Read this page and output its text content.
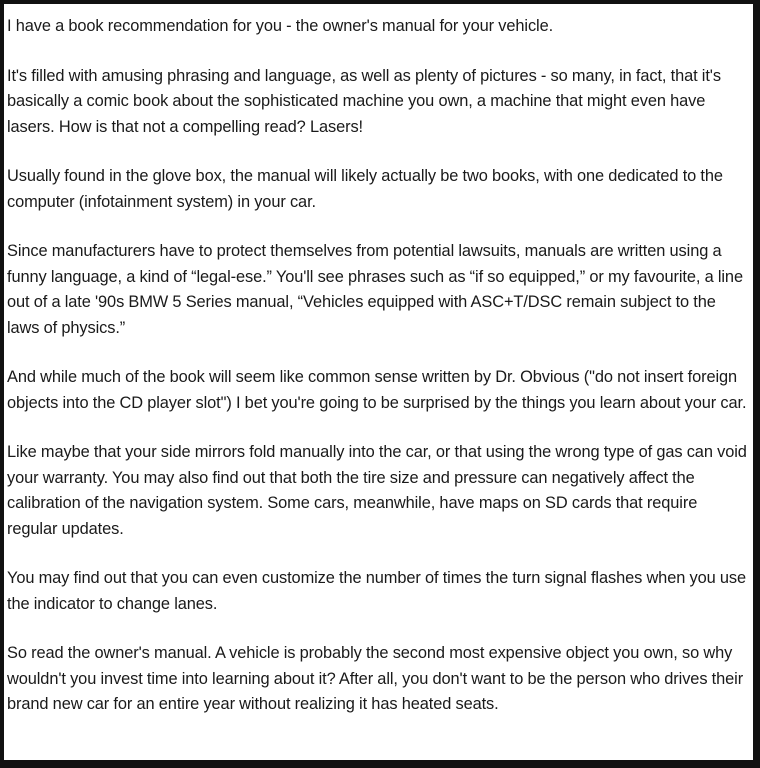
I have a book recommendation for you - the owner's manual for your vehicle.

It's filled with amusing phrasing and language, as well as plenty of pictures - so many, in fact, that it's basically a comic book about the sophisticated machine you own, a machine that might even have lasers. How is that not a compelling read? Lasers!

Usually found in the glove box, the manual will likely actually be two books, with one dedicated to the computer (infotainment system) in your car.

Since manufacturers have to protect themselves from potential lawsuits, manuals are written using a funny language, a kind of “legal-ese.” You'll see phrases such as “if so equipped,” or my favourite, a line out of a late '90s BMW 5 Series manual, “Vehicles equipped with ASC+T/DSC remain subject to the laws of physics.”

And while much of the book will seem like common sense written by Dr. Obvious ("do not insert foreign objects into the CD player slot") I bet you're going to be surprised by the things you learn about your car.

Like maybe that your side mirrors fold manually into the car, or that using the wrong type of gas can void your warranty. You may also find out that both the tire size and pressure can negatively affect the calibration of the navigation system. Some cars, meanwhile, have maps on SD cards that require regular updates.

You may find out that you can even customize the number of times the turn signal flashes when you use the indicator to change lanes.

So read the owner's manual. A vehicle is probably the second most expensive object you own, so why wouldn't you invest time into learning about it? After all, you don't want to be the person who drives their brand new car for an entire year without realizing it has heated seats.
